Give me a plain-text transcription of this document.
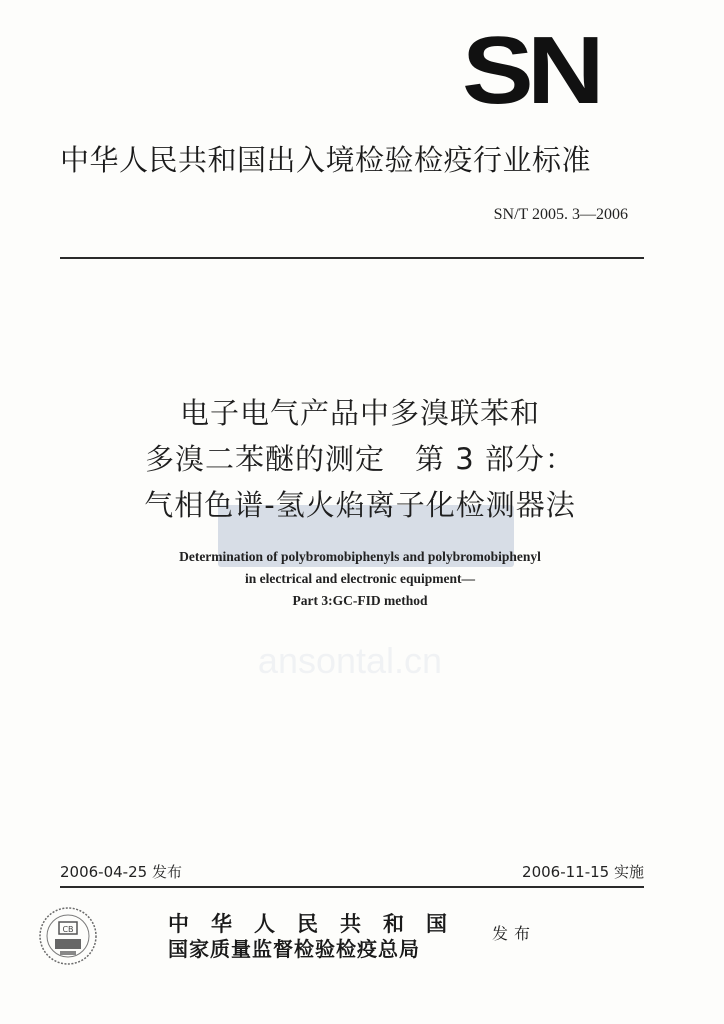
SN
中华人民共和国出入境检验检疫行业标准
SN/T 2005. 3—2006
电子电气产品中多溴联苯和
多溴二苯醚的测定　第 3 部分：
气相色谱-氢火焰离子化检测器法
Determination of polybromobiphenyls and polybromobiphenyl
in electrical and electronic equipment—
Part 3:GC-FID method
ansontal.cn
2006-04-25 发布	2006-11-15 实施
CB	中华人民共和国
国家质量监督检验检疫总局
发布
